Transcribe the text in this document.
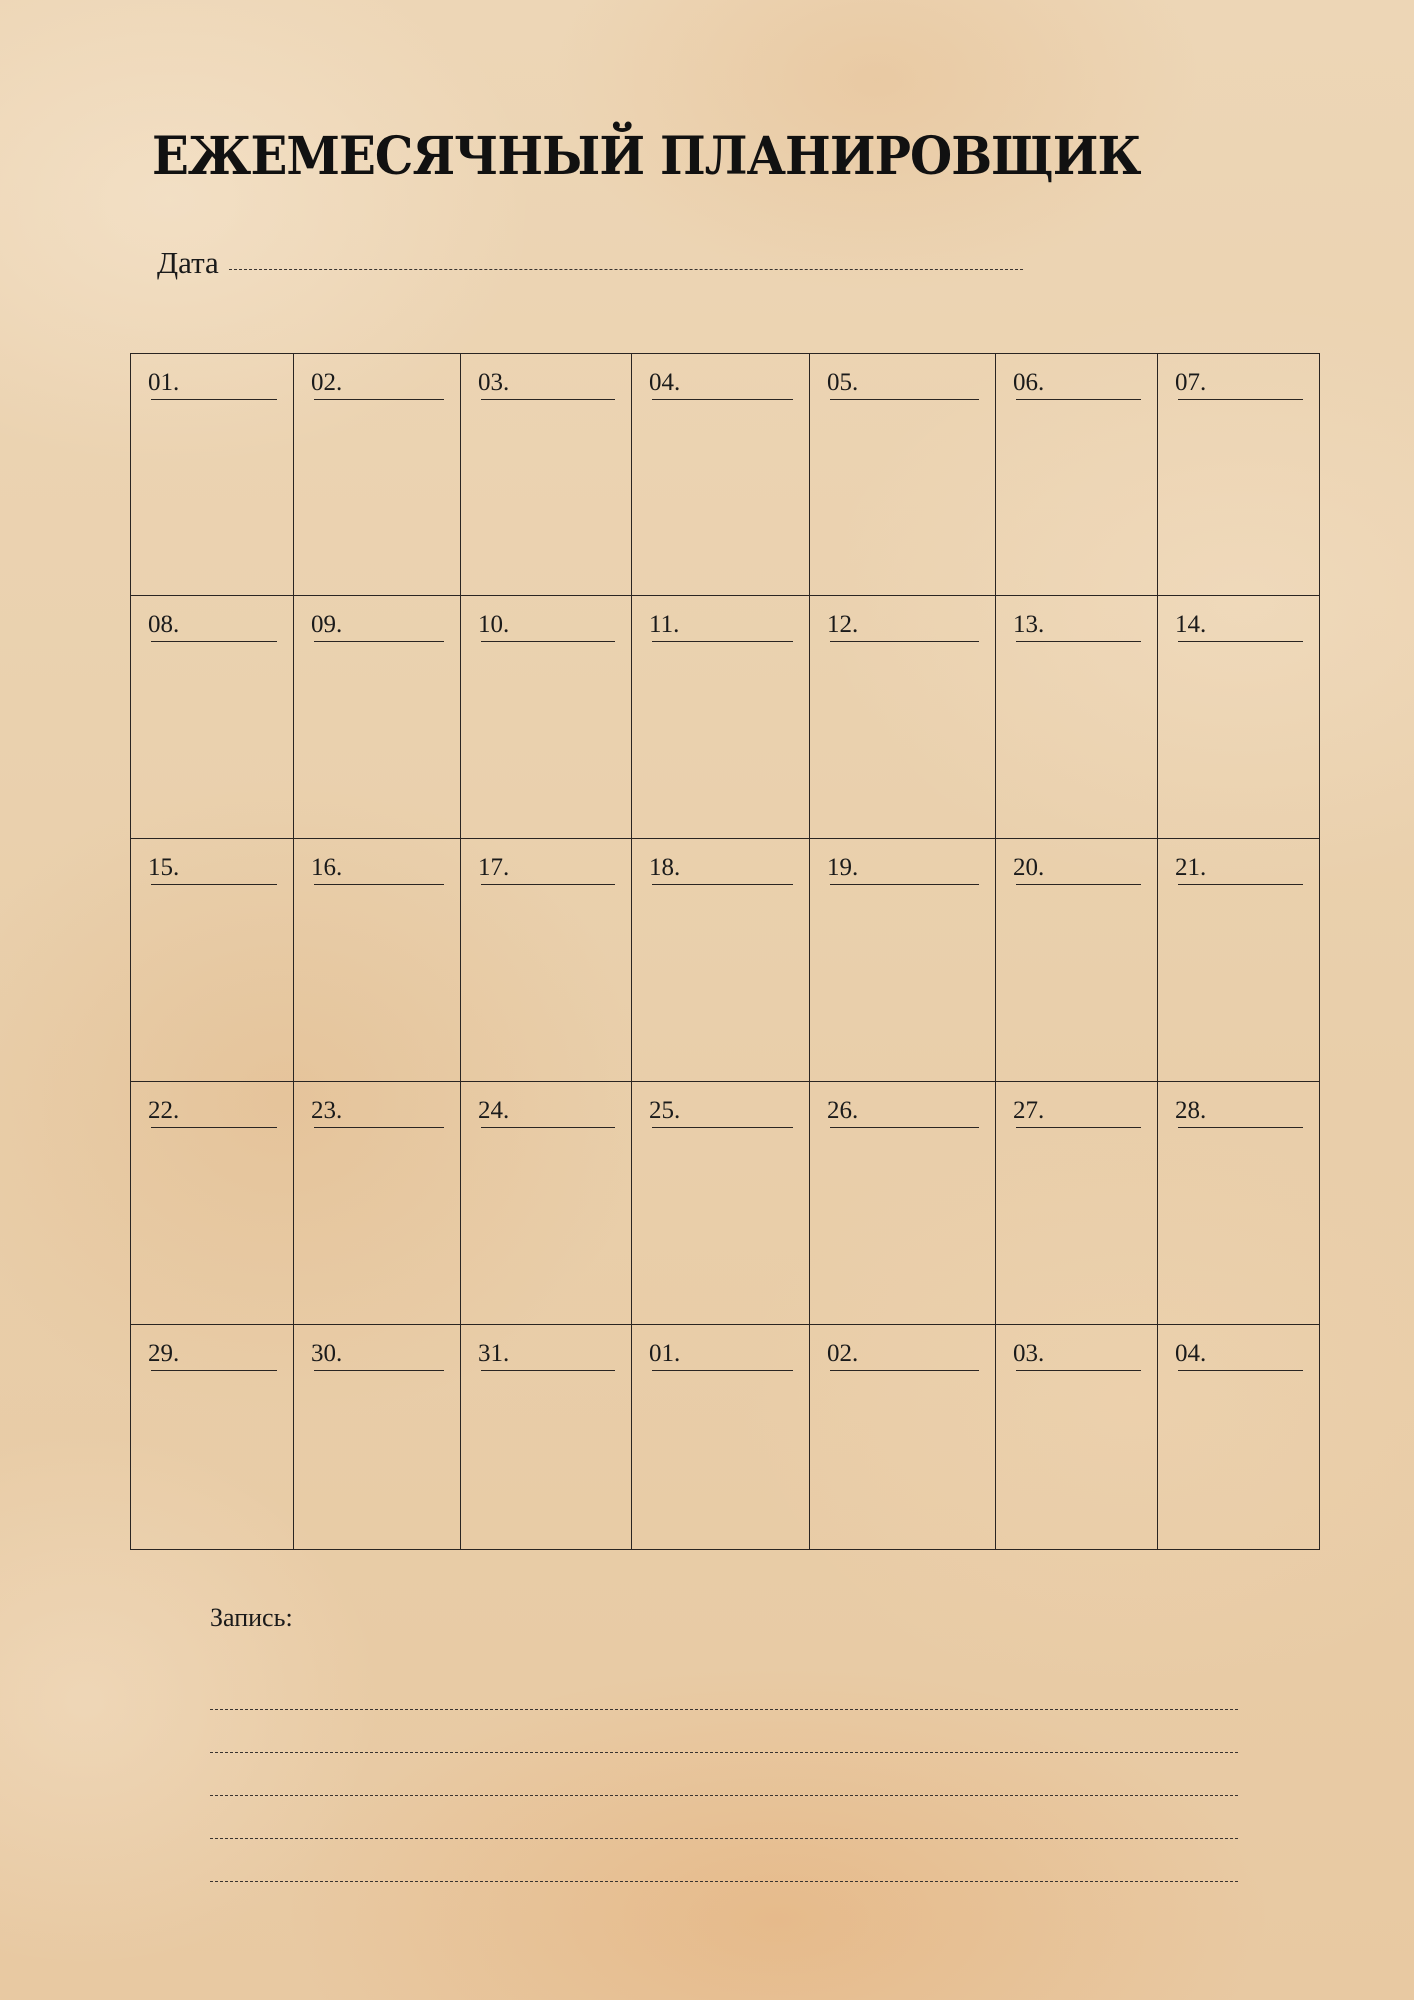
ЕЖЕМЕСЯЧНЫЙ ПЛАНИРОВЩИК
Дата
01.	02.	03.	04.	05.	06.	07.

08.	09.	10.	11.	12.	13.	14.

15.	16.	17.	18.	19.	20.	21.

22.	23.	24.	25.	26.	27.	28.

29.	30.	31.	01.	02.	03.	04.

Запись:
